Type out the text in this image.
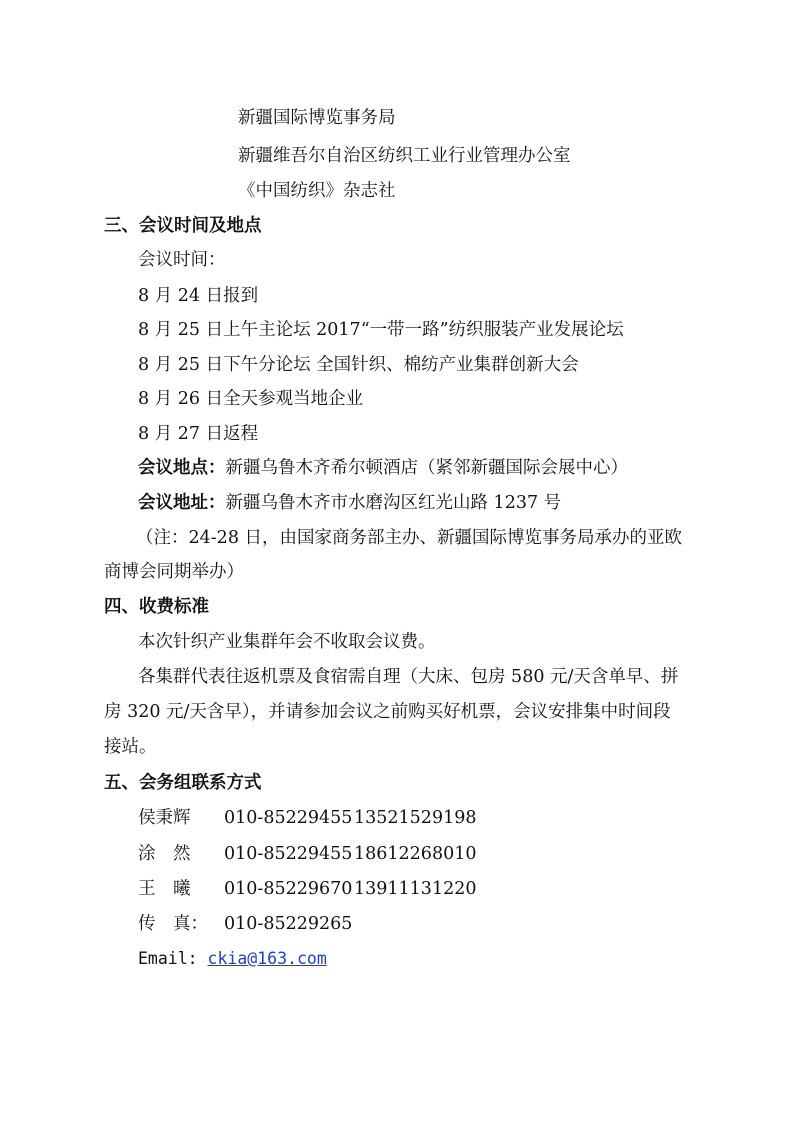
新疆国际博览事务局
新疆维吾尔自治区纺织工业行业管理办公室
《中国纺织》杂志社
三、会议时间及地点
会议时间：
8 月 24 日报到
8 月 25 日上午主论坛 2017“一带一路”纺织服装产业发展论坛
8 月 25 日下午分论坛 全国针织、棉纺产业集群创新大会
8 月 26 日全天参观当地企业
8 月 27 日返程
会议地点：新疆乌鲁木齐希尔顿酒店（紧邻新疆国际会展中心）
会议地址：新疆乌鲁木齐市水磨沟区红光山路 1237 号
（注：24-28 日，由国家商务部主办、新疆国际博览事务局承办的亚欧
商博会同期举办）
四、收费标准
本次针织产业集群年会不收取会议费。
各集群代表往返机票及食宿需自理（大床、包房 580 元/天含单早、拼
房 320 元/天含早），并请参加会议之前购买好机票，会议安排集中时间段
接站。
五、会务组联系方式
侯秉辉 010-8522945513521529198
涂　然 010-8522945518612268010
王　曦 010-8522967013911131220
传　真： 010-85229265
Email: ckia@163.com
